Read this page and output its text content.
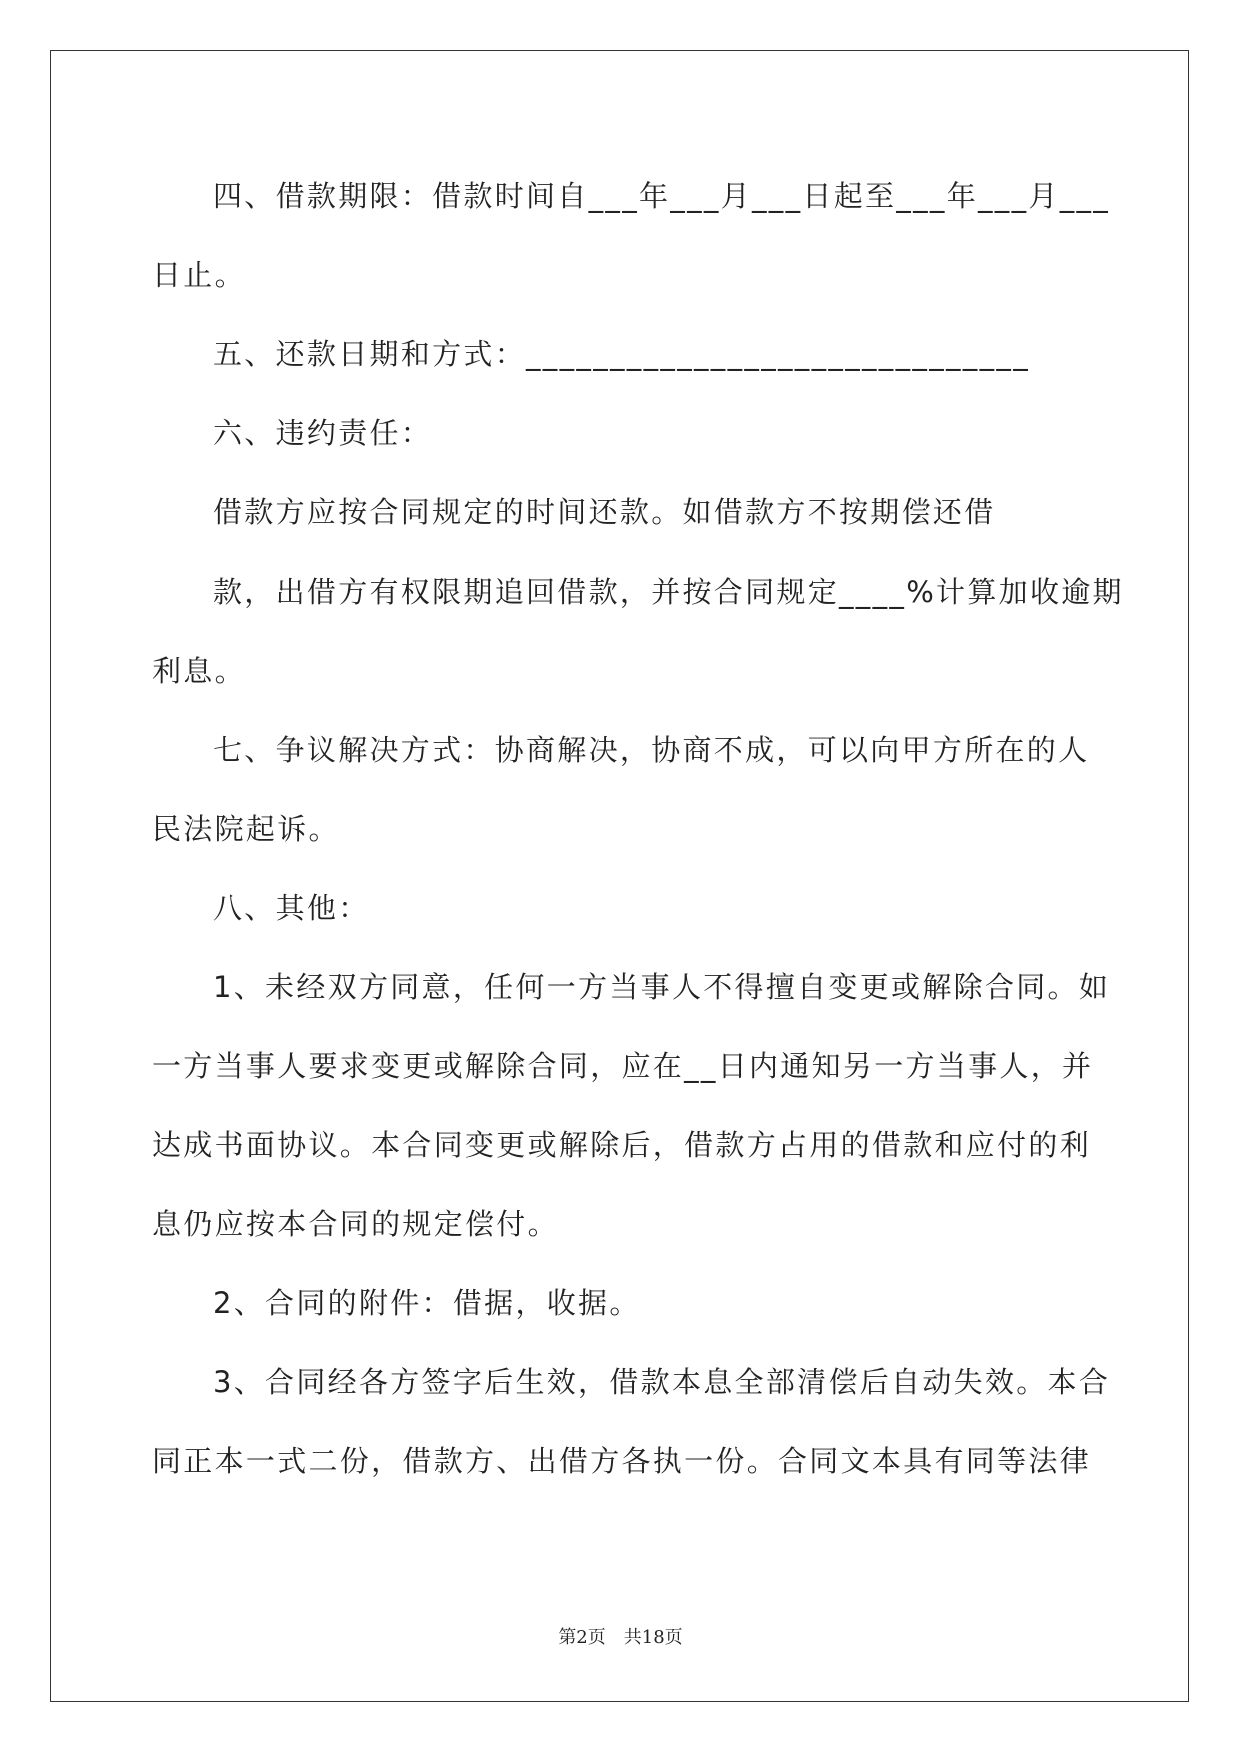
四、借款期限：借款时间自___年___月___日起至___年___月___
日止。
五、还款日期和方式：______________________________
六、违约责任：
借款方应按合同规定的时间还款。如借款方不按期偿还借
款，出借方有权限期追回借款，并按合同规定____%计算加收逾期
利息。
七、争议解决方式：协商解决，协商不成，可以向甲方所在的人
民法院起诉。
八、其他：
1、未经双方同意，任何一方当事人不得擅自变更或解除合同。如
一方当事人要求变更或解除合同，应在__日内通知另一方当事人，并
达成书面协议。本合同变更或解除后，借款方占用的借款和应付的利
息仍应按本合同的规定偿付。
2、合同的附件：借据，收据。
3、合同经各方签字后生效，借款本息全部清偿后自动失效。本合
同正本一式二份，借款方、出借方各执一份。合同文本具有同等法律
第2页　共18页
